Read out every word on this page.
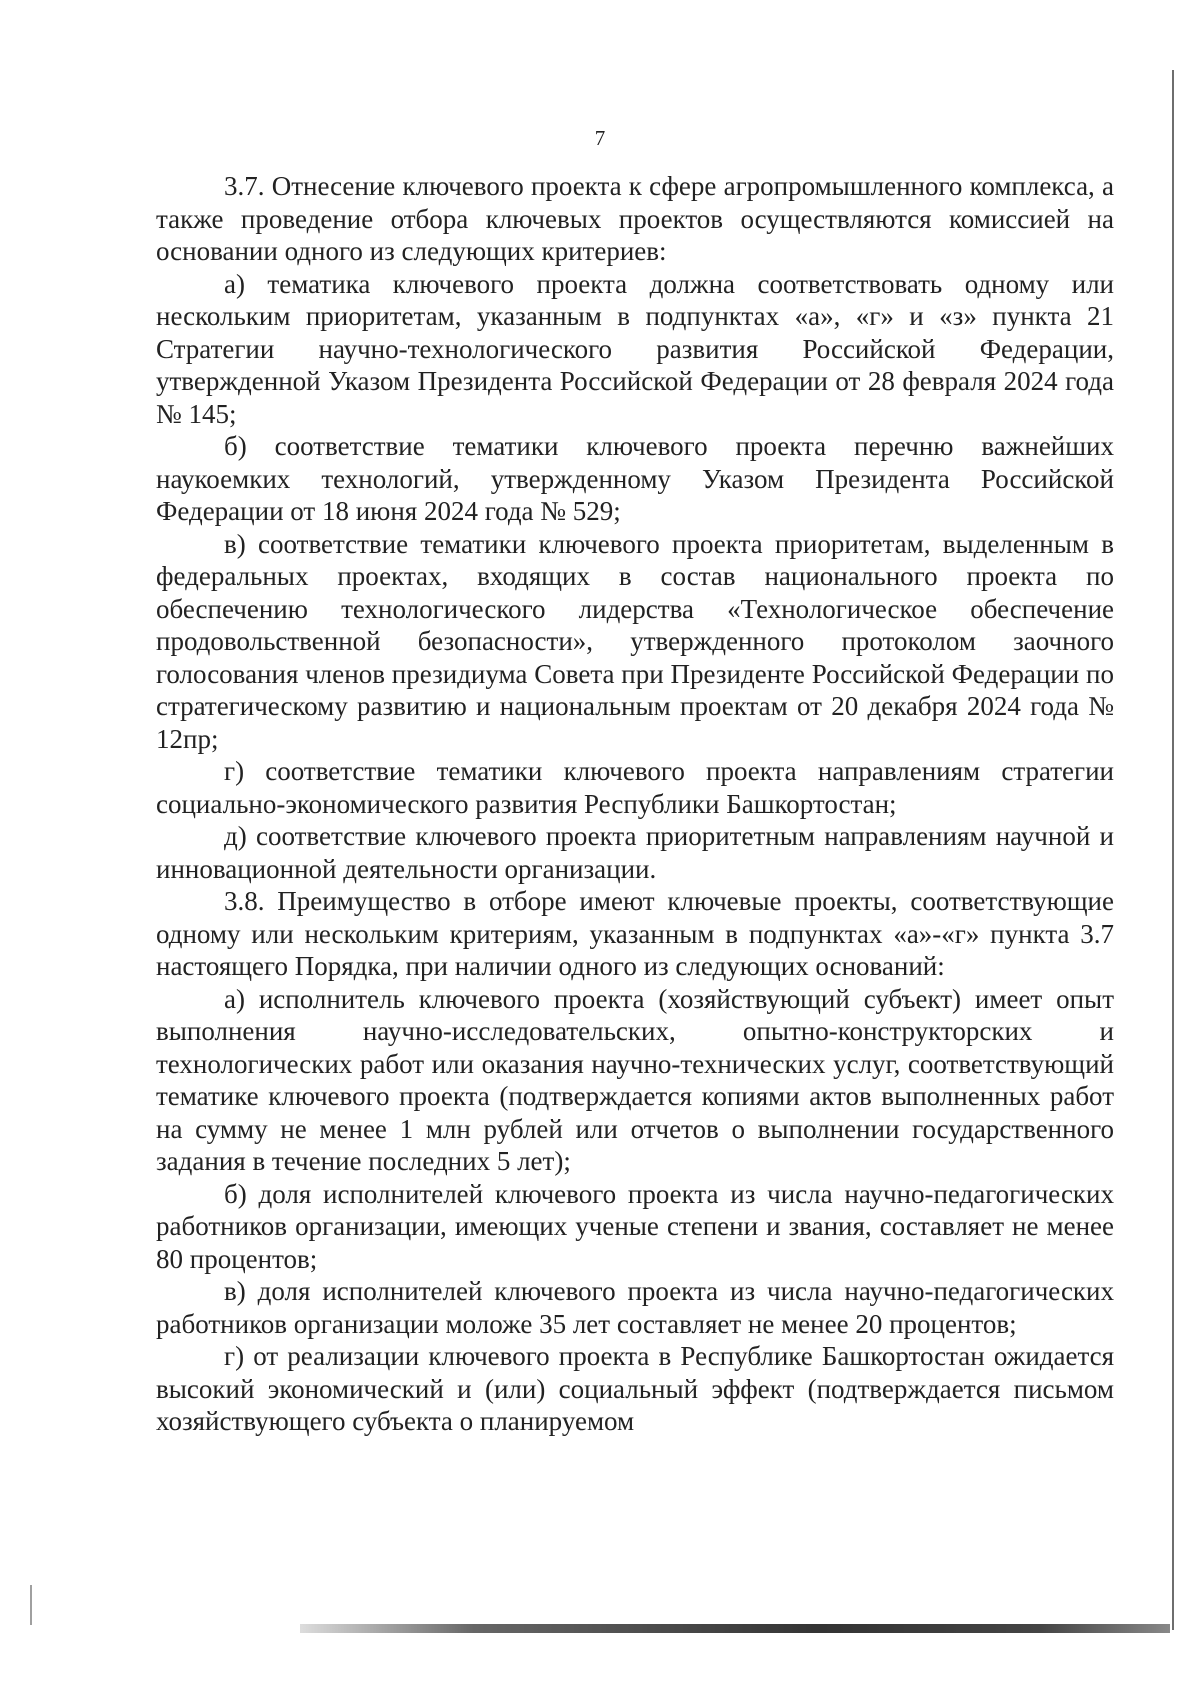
7

3.7. Отнесение ключевого проекта к сфере агропромышленного комплекса, а также проведение отбора ключевых проектов осуществляются комиссией на основании одного из следующих критериев:

а) тематика ключевого проекта должна соответствовать одному или нескольким приоритетам, указанным в подпунктах «а», «г» и «з» пункта 21 Стратегии научно-технологического развития Российской Федерации, утвержденной Указом Президента Российской Федерации от 28 февраля 2024 года № 145;

б) соответствие тематики ключевого проекта перечню важнейших наукоемких технологий, утвержденному Указом Президента Российской Федерации от 18 июня 2024 года № 529;

в) соответствие тематики ключевого проекта приоритетам, выделенным в федеральных проектах, входящих в состав национального проекта по обеспечению технологического лидерства «Технологическое обеспечение продовольственной безопасности», утвержденного протоколом заочного голосования членов президиума Совета при Президенте Российской Федерации по стратегическому развитию и национальным проектам от 20 декабря 2024 года № 12пр;

г) соответствие тематики ключевого проекта направлениям стратегии социально-экономического развития Республики Башкортостан;

д) соответствие ключевого проекта приоритетным направлениям научной и инновационной деятельности организации.

3.8. Преимущество в отборе имеют ключевые проекты, соответствующие одному или нескольким критериям, указанным в подпунктах «а»-«г» пункта 3.7 настоящего Порядка, при наличии одного из следующих оснований:

а) исполнитель ключевого проекта (хозяйствующий субъект) имеет опыт выполнения научно-исследовательских, опытно-конструкторских и технологических работ или оказания научно-технических услуг, соответствующий тематике ключевого проекта (подтверждается копиями актов выполненных работ на сумму не менее 1 млн рублей или отчетов о выполнении государственного задания в течение последних 5 лет);

б) доля исполнителей ключевого проекта из числа научно-педагогических работников организации, имеющих ученые степени и звания, составляет не менее 80 процентов;

в) доля исполнителей ключевого проекта из числа научно-педагогических работников организации моложе 35 лет составляет не менее 20 процентов;

г) от реализации ключевого проекта в Республике Башкортостан ожидается высокий экономический и (или) социальный эффект (подтверждается письмом хозяйствующего субъекта о планируемом
